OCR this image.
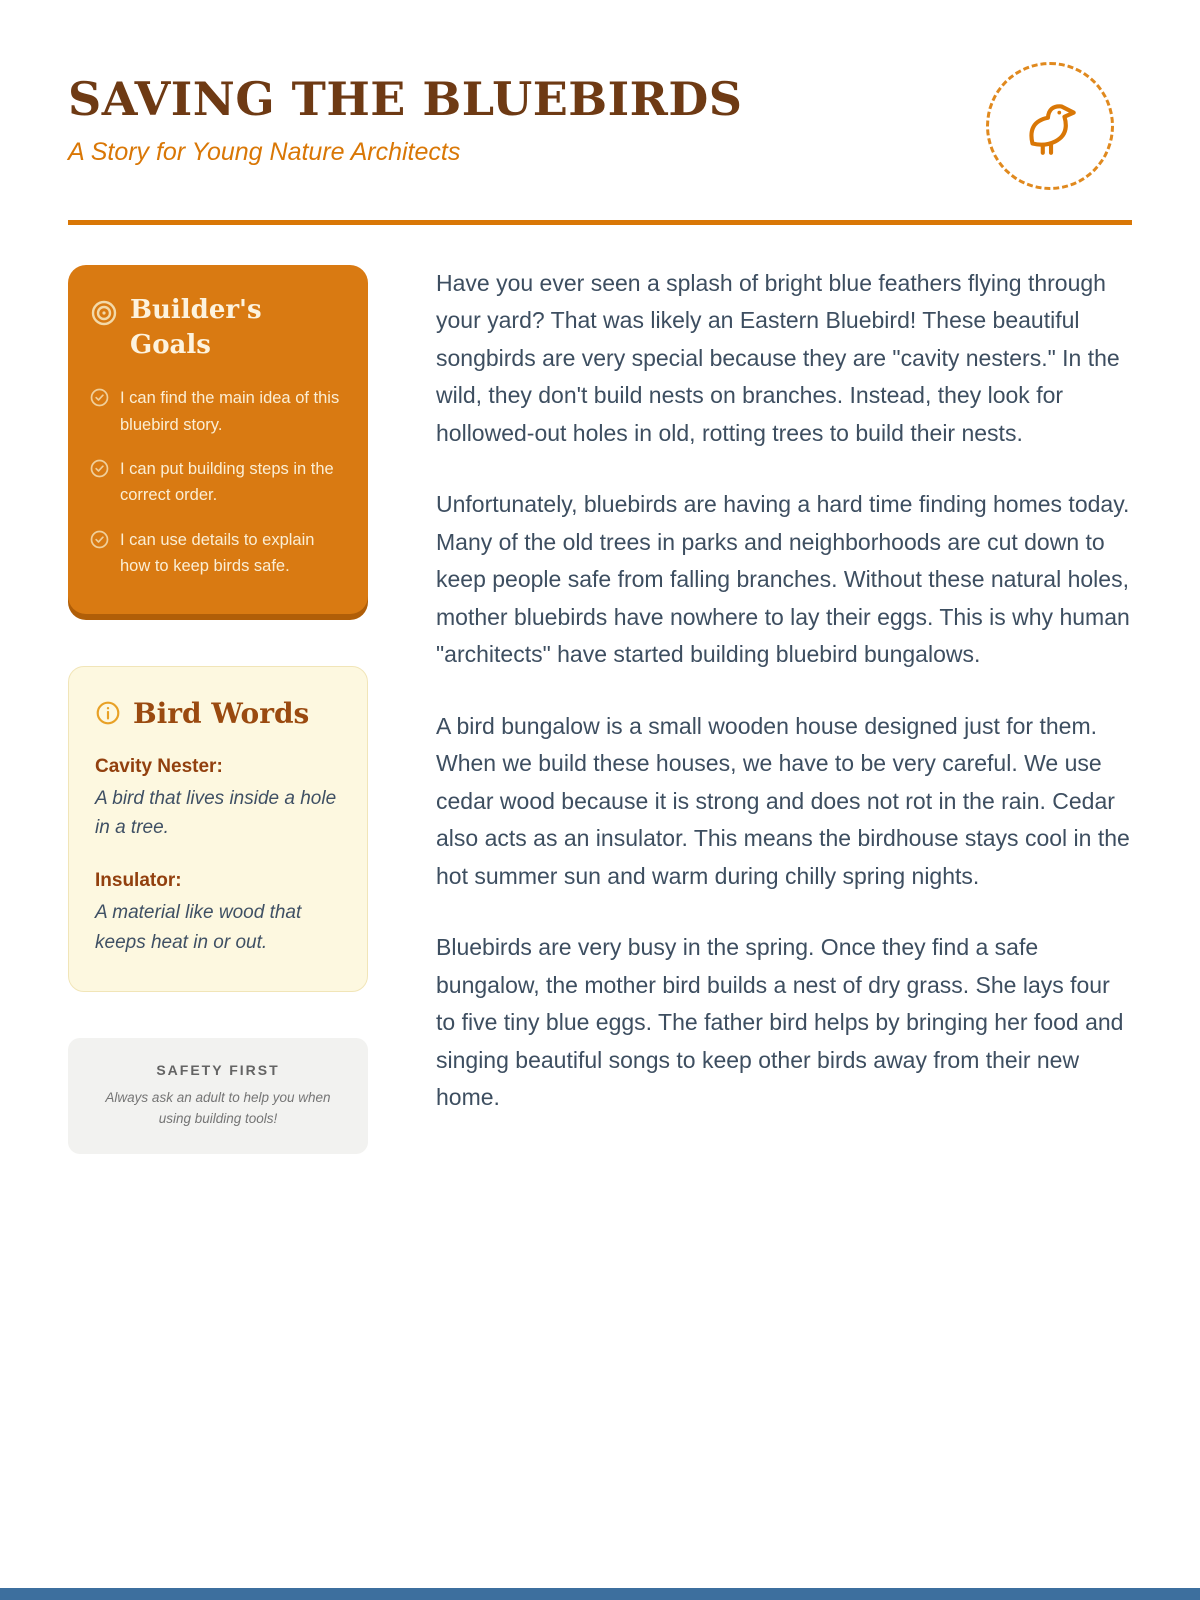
SAVING THE BLUEBIRDS

A Story for Young Nature Architects

Builder's Goals
I can find the main idea of this bluebird story.
I can put building steps in the correct order.
I can use details to explain how to keep birds safe.
Bird Words

Cavity Nester:

A bird that lives inside a hole in a tree.

Insulator:

A material like wood that keeps heat in or out.

SAFETY FIRST

Always ask an adult to help you when using building tools!

Have you ever seen a splash of bright blue feathers flying through your yard? That was likely an Eastern Bluebird! These beautiful songbirds are very special because they are "cavity nesters." In the wild, they don't build nests on branches. Instead, they look for hollowed-out holes in old, rotting trees to build their nests.

Unfortunately, bluebirds are having a hard time finding homes today. Many of the old trees in parks and neighborhoods are cut down to keep people safe from falling branches. Without these natural holes, mother bluebirds have nowhere to lay their eggs. This is why human "architects" have started building bluebird bungalows.

A bird bungalow is a small wooden house designed just for them. When we build these houses, we have to be very careful. We use cedar wood because it is strong and does not rot in the rain. Cedar also acts as an insulator. This means the birdhouse stays cool in the hot summer sun and warm during chilly spring nights.

Bluebirds are very busy in the spring. Once they find a safe bungalow, the mother bird builds a nest of dry grass. She lays four to five tiny blue eggs. The father bird helps by bringing her food and singing beautiful songs to keep other birds away from their new home.
